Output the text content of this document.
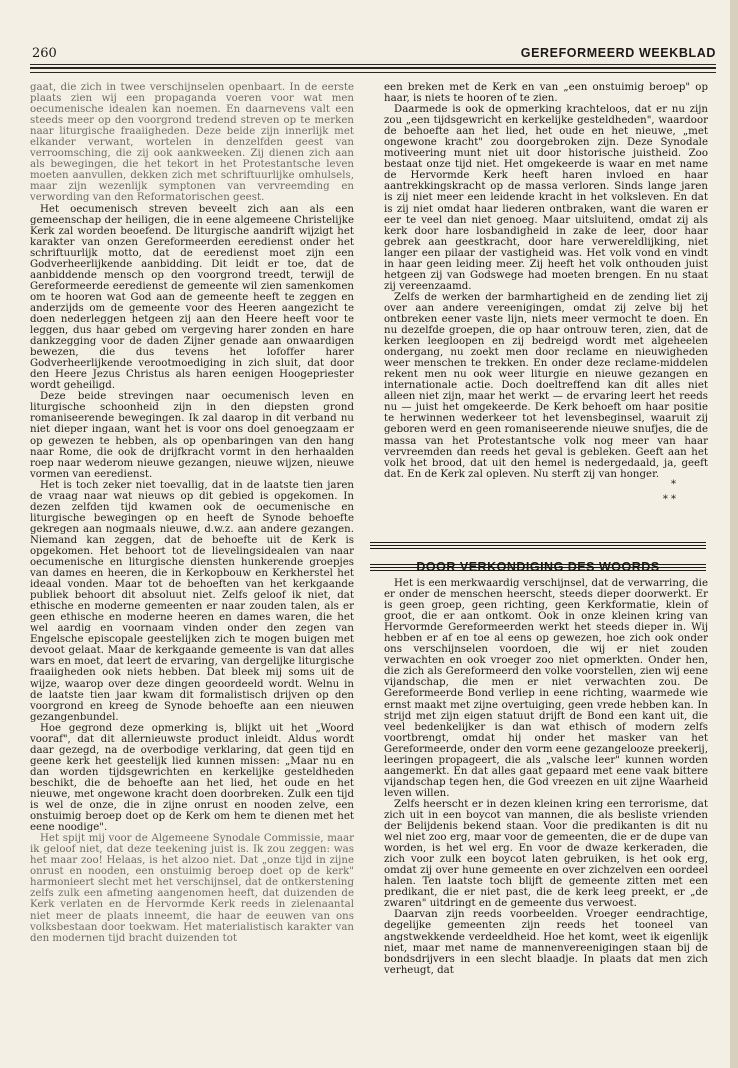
260	GEREFORMEERD WEEKBLAD

gaat, die zich in twee verschijnselen openbaart. In de eerste plaats zien wij een propaganda voeren voor wat men oecumenische idealen kan noemen. En daarnevens valt een steeds meer op den voorgrond tredend streven op te merken naar liturgische fraaiigheden. Deze beide zijn innerlijk met elkander verwant, wortelen in denzelfden geest van verroomsching, die zij ook aankweeken. Zij dienen zich aan als bewegingen, die het tekort in het Protestantsche leven moeten aanvullen, dekken zich met schriftuurlijke omhulsels, maar zijn wezenlijk symptonen van vervreemding en verwording van den Reformatorischen geest.

Het oecumenisch streven beveelt zich aan als een gemeenschap der heiligen, die in eene algemeene Christelijke Kerk zal worden beoefend. De liturgische aandrift wijzigt het karakter van onzen Gereformeerden eeredienst onder het schriftuurlijk motto, dat de eeredienst moet zijn een Godverheerlijkende aanbidding. Dit leidt er toe, dat de aanbiddende mensch op den voorgrond treedt, terwijl de Gereformeerde eeredienst de gemeente wil zien samenkomen om te hooren wat God aan de gemeente heeft te zeggen en anderzijds om de gemeente voor des Heeren aangezicht te doen nederleggen hetgeen zij aan den Heere heeft voor te leggen, dus haar gebed om vergeving harer zonden en hare dankzegging voor de daden Zijner genade aan onwaardigen bewezen, die dus tevens het lofoffer harer Godverheerlijkende verootmoediging in zich sluit, dat door den Heere Jezus Christus als haren eenigen Hoogepriester wordt geheiligd.

Deze beide strevingen naar oecumenisch leven en liturgische schoonheid zijn in den diepsten grond romaniseerende bewegingen. Ik zal daarop in dit verband nu niet dieper ingaan, want het is voor ons doel genoegzaam er op gewezen te hebben, als op openbaringen van den hang naar Rome, die ook de drijfkracht vormt in den herhaalden roep naar wederom nieuwe gezangen, nieuwe wijzen, nieuwe vormen van eeredienst.

Het is toch zeker niet toevallig, dat in de laatste tien jaren de vraag naar wat nieuws op dit gebied is opgekomen. In dezen zelfden tijd kwamen ook de oecumenische en liturgische bewegingen op en heeft de Synode behoefte gekregen aan nogmaals nieuwe, d.w.z. aan andere gezangen. Niemand kan zeggen, dat de behoefte uit de Kerk is opgekomen. Het behoort tot de lievelingsidealen van naar oecumenische en liturgische diensten hunkerende groepjes van dames en heeren, die in Kerkopbouw en Kerkherstel het ideaal vonden. Maar tot de behoeften van het kerkgaande publiek behoort dit absoluut niet. Zelfs geloof ik niet, dat ethische en moderne gemeenten er naar zouden talen, als er geen ethische en moderne heeren en dames waren, die het wel aardig en voornaam vinden onder den zegen van Engelsche episcopale geestelijken zich te mogen buigen met devoot gelaat. Maar de kerkgaande gemeente is van dat alles wars en moet, dat leert de ervaring, van dergelijke liturgische fraaiigheden ook niets hebben. Dat bleek mij soms uit de wijze, waarop over deze dingen geoordeeld wordt. Welnu in de laatste tien jaar kwam dit formalistisch drijven op den voorgrond en kreeg de Synode behoefte aan een nieuwen gezangenbundel.

Hoe gegrond deze opmerking is, blijkt uit het „Woord vooraf", dat dit allernieuwste product inleidt. Aldus wordt daar gezegd, na de overbodige verklaring, dat geen tijd en geene kerk het geestelijk lied kunnen missen: „Maar nu en dan worden tijdsgewrichten en kerkelijke gesteldheden beschikt, die de behoefte aan het lied, het oude en het nieuwe, met ongewone kracht doen doorbreken. Zulk een tijd is wel de onze, die in zijne onrust en nooden zelve, een onstuimig beroep doet op de Kerk om hem te dienen met het eene noodige".

Het spijt mij voor de Algemeene Synodale Commissie, maar ik geloof niet, dat deze teekening juist is. Ik zou zeggen: was het maar zoo! Helaas, is het alzoo niet. Dat „onze tijd in zijne onrust en nooden, een onstuimig beroep doet op de kerk" harmonieert slecht met het verschijnsel, dat de ontkerstening zelfs zulk een afmeting aangenomen heeft, dat duizenden de Kerk verlaten en de Hervormde Kerk reeds in zielenaantal niet meer de plaats inneemt, die haar de eeuwen van ons volksbestaan door toekwam. Het materialistisch karakter van den modernen tijd bracht duizenden tot

een breken met de Kerk en van „een onstuimig beroep" op haar, is niets te hooren of te zien.

Daarmede is ook de opmerking krachteloos, dat er nu zijn zou „een tijdsgewricht en kerkelijke gesteldheden", waardoor de behoefte aan het lied, het oude en het nieuwe, „met ongewone kracht" zou doorgebroken zijn. Deze Synodale motiveering munt niet uit door historische juistheid. Zoo bestaat onze tijd niet. Het omgekeerde is waar en met name de Hervormde Kerk heeft haren invloed en haar aantrekkingskracht op de massa verloren. Sinds lange jaren is zij niet meer een leidende kracht in het volksleven. En dat is zij niet omdat haar liederen ontbraken, want die waren er eer te veel dan niet genoeg. Maar uitsluitend, omdat zij als kerk door hare losbandigheid in zake de leer, door haar gebrek aan geestkracht, door hare verwereldlijking, niet langer een pilaar der vastigheid was. Het volk vond en vindt in haar geen leiding meer. Zij heeft het volk onthouden juist hetgeen zij van Godswege had moeten brengen. En nu staat zij vereenzaamd.

Zelfs de werken der barmhartigheid en de zending liet zij over aan andere vereenigingen, omdat zij zelve bij het ontbreken eener vaste lijn, niets meer vermocht te doen. En nu dezelfde groepen, die op haar ontrouw teren, zien, dat de kerken leegloopen en zij bedreigd wordt met algeheelen ondergang, nu zoekt men door reclame en nieuwigheden weer menschen te trekken. En onder deze reclame-middelen rekent men nu ook weer liturgie en nieuwe gezangen en internationale actie. Doch doeltreffend kan dit alles niet alleen niet zijn, maar het werkt — de ervaring leert het reeds nu — juist het omgekeerde. De Kerk behoeft om haar positie te herwinnen wederkeer tot het levensbeginsel, waaruit zij geboren werd en geen romaniseerende nieuwe snufjes, die de massa van het Protestantsche volk nog meer van haar vervreemden dan reeds het geval is gebleken. Geeft aan het volk het brood, dat uit den hemel is nedergedaald, ja, geeft dat. En de Kerk zal opleven. Nu sterft zij van honger.

*
* *
DOOR VERKONDIGING DES WOORDS

Het is een merkwaardig verschijnsel, dat de verwarring, die er onder de menschen heerscht, steeds dieper doorwerkt. Er is geen groep, geen richting, geen Kerkformatie, klein of groot, die er aan ontkomt. Ook in onze kleinen kring van Hervormde Gereformeerden werkt het steeds dieper in. Wij hebben er af en toe al eens op gewezen, hoe zich ook onder ons verschijnselen voordoen, die wij er niet zouden verwachten en ook vroeger zoo niet opmerkten. Onder hen, die zich als Gereformeerd den volke voorstellen, zien wij eene vijandschap, die men er niet verwachten zou. De Gereformeerde Bond verliep in eene richting, waarmede wie ernst maakt met zijne overtuiging, geen vrede hebben kan. In strijd met zijn eigen statuut drijft de Bond een kant uit, die veel bedenkelijker is dan wat ethisch of modern zelfs voortbrengt, omdat hij onder het masker van het Gereformeerde, onder den vorm eene gezangelooze preekerij, leeringen propageert, die als „valsche leer" kunnen worden aangemerkt. En dat alles gaat gepaard met eene vaak bittere vijandschap tegen hen, die God vreezen en uit zijne Waarheid leven willen.

Zelfs heerscht er in dezen kleinen kring een terrorisme, dat zich uit in een boycot van mannen, die als besliste vrienden der Belijdenis bekend staan. Voor die predikanten is dit nu wel niet zoo erg, maar voor de gemeenten, die er de dupe van worden, is het wel erg. En voor de dwaze kerkeraden, die zich voor zulk een boycot laten gebruiken, is het ook erg, omdat zij over hune gemeente en over zichzelven een oordeel halen. Ten laatste toch blijft de gemeente zitten met een predikant, die er niet past, die de kerk leeg preekt, er „de zwaren" uitdringt en de gemeente dus verwoest.

Daarvan zijn reeds voorbeelden. Vroeger eendrachtige, degelijke gemeenten zijn reeds het tooneel van angstwekkende verdeeldheid. Hoe het komt, weet ik eigenlijk niet, maar met name de mannenvereenigingen staan bij de bondsdrijvers in een slecht blaadje. In plaats dat men zich verheugt, dat
